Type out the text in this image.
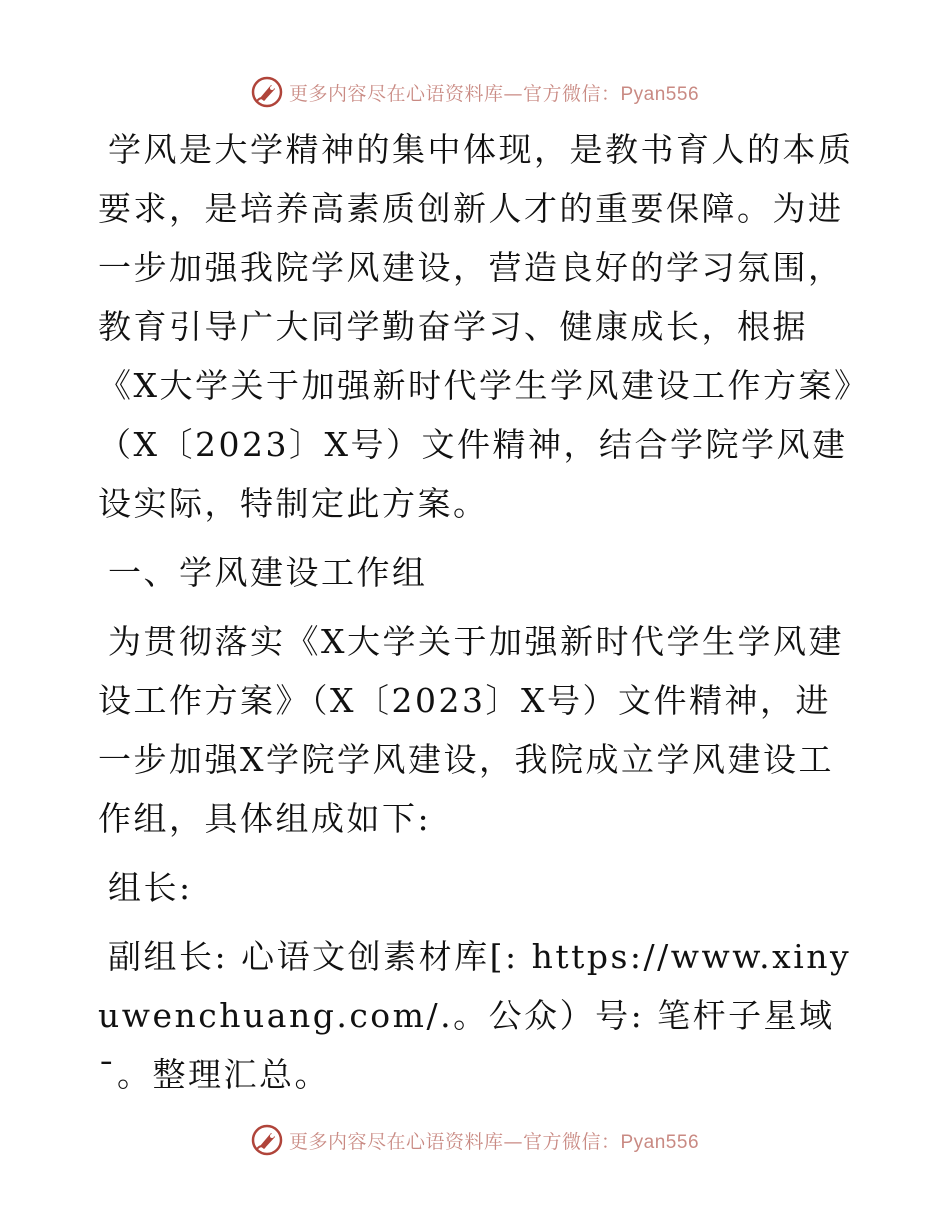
更多内容尽在心语资料库—官方微信：Pyan556

学风是大学精神的集中体现，是教书育人的本质要求，是培养高素质创新人才的重要保障。为进一步加强我院学风建设，营造良好的学习氛围，教育引导广大同学勤奋学习、健康成长，根据《X大学关于加强新时代学生学风建设工作方案》（X〔2023〕X号）文件精神，结合学院学风建设实际，特制定此方案。

一、学风建设工作组

为贯彻落实《X大学关于加强新时代学生学风建设工作方案》（X〔2023〕X号）文件精神，进一步加强X学院学风建设，我院成立学风建设工作组，具体组成如下:

组长:

副组长: 心语文创素材库[: https://www.xinyuwenchuang.com/.。公众）号: 笔杆子星域¯。整理汇总。

更多内容尽在心语资料库—官方微信：Pyan556
